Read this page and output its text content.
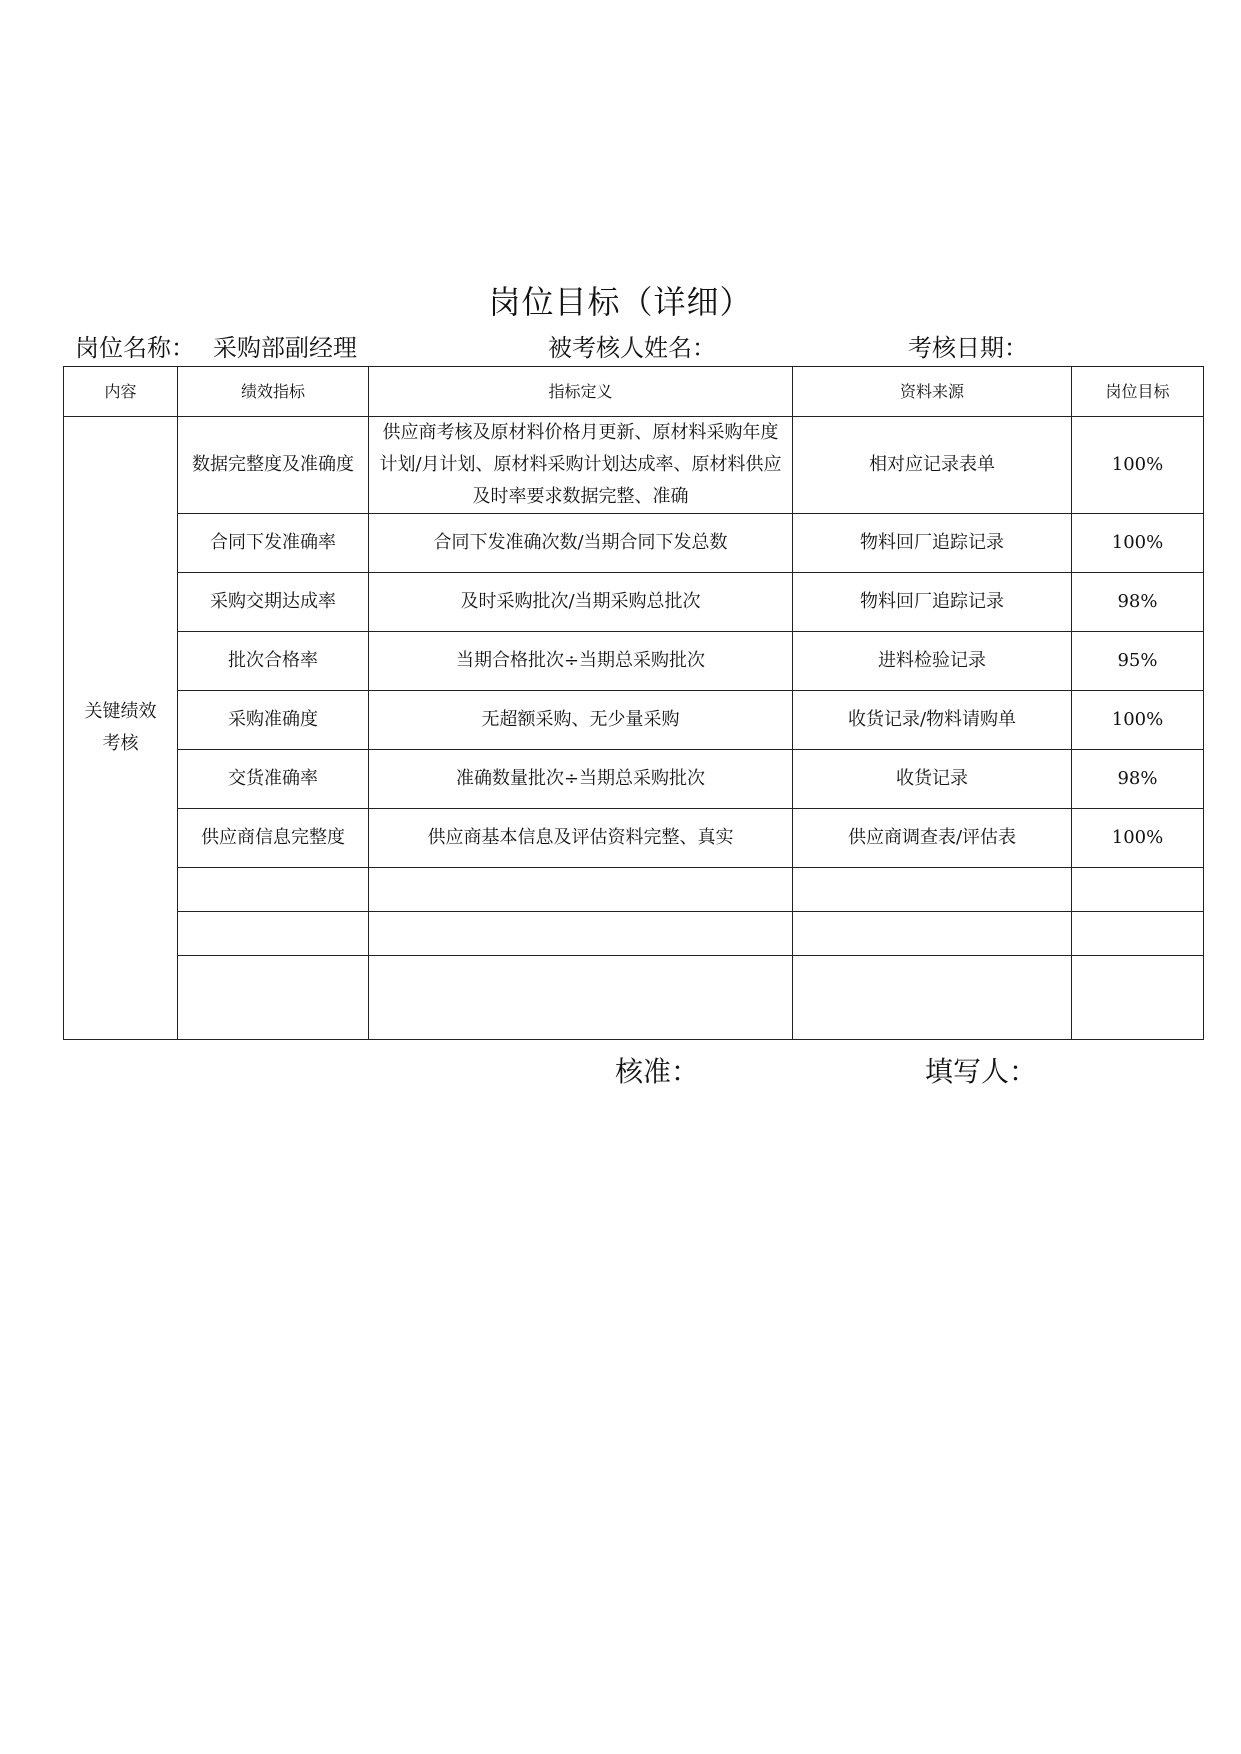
岗位目标（详细）
岗位名称： 采购部副经理	被考核人姓名：	考核日期：
内容	绩效指标	指标定义	资料来源	岗位目标
关键绩效考核	数据完整度及准确度	供应商考核及原材料价格月更新、原材料采购年度计划/月计划、原材料采购计划达成率、原材料供应及时率要求数据完整、准确	相对应记录表单	100%
	合同下发准确率	合同下发准确次数/当期合同下发总数	物料回厂追踪记录	100%
	采购交期达成率	及时采购批次/当期采购总批次	物料回厂追踪记录	98%
	批次合格率	当期合格批次÷当期总采购批次	进料检验记录	95%
	采购准确度	无超额采购、无少量采购	收货记录/物料请购单	100%
	交货准确率	准确数量批次÷当期总采购批次	收货记录	98%
	供应商信息完整度	供应商基本信息及评估资料完整、真实	供应商调查表/评估表	100%

核准：	填写人：
